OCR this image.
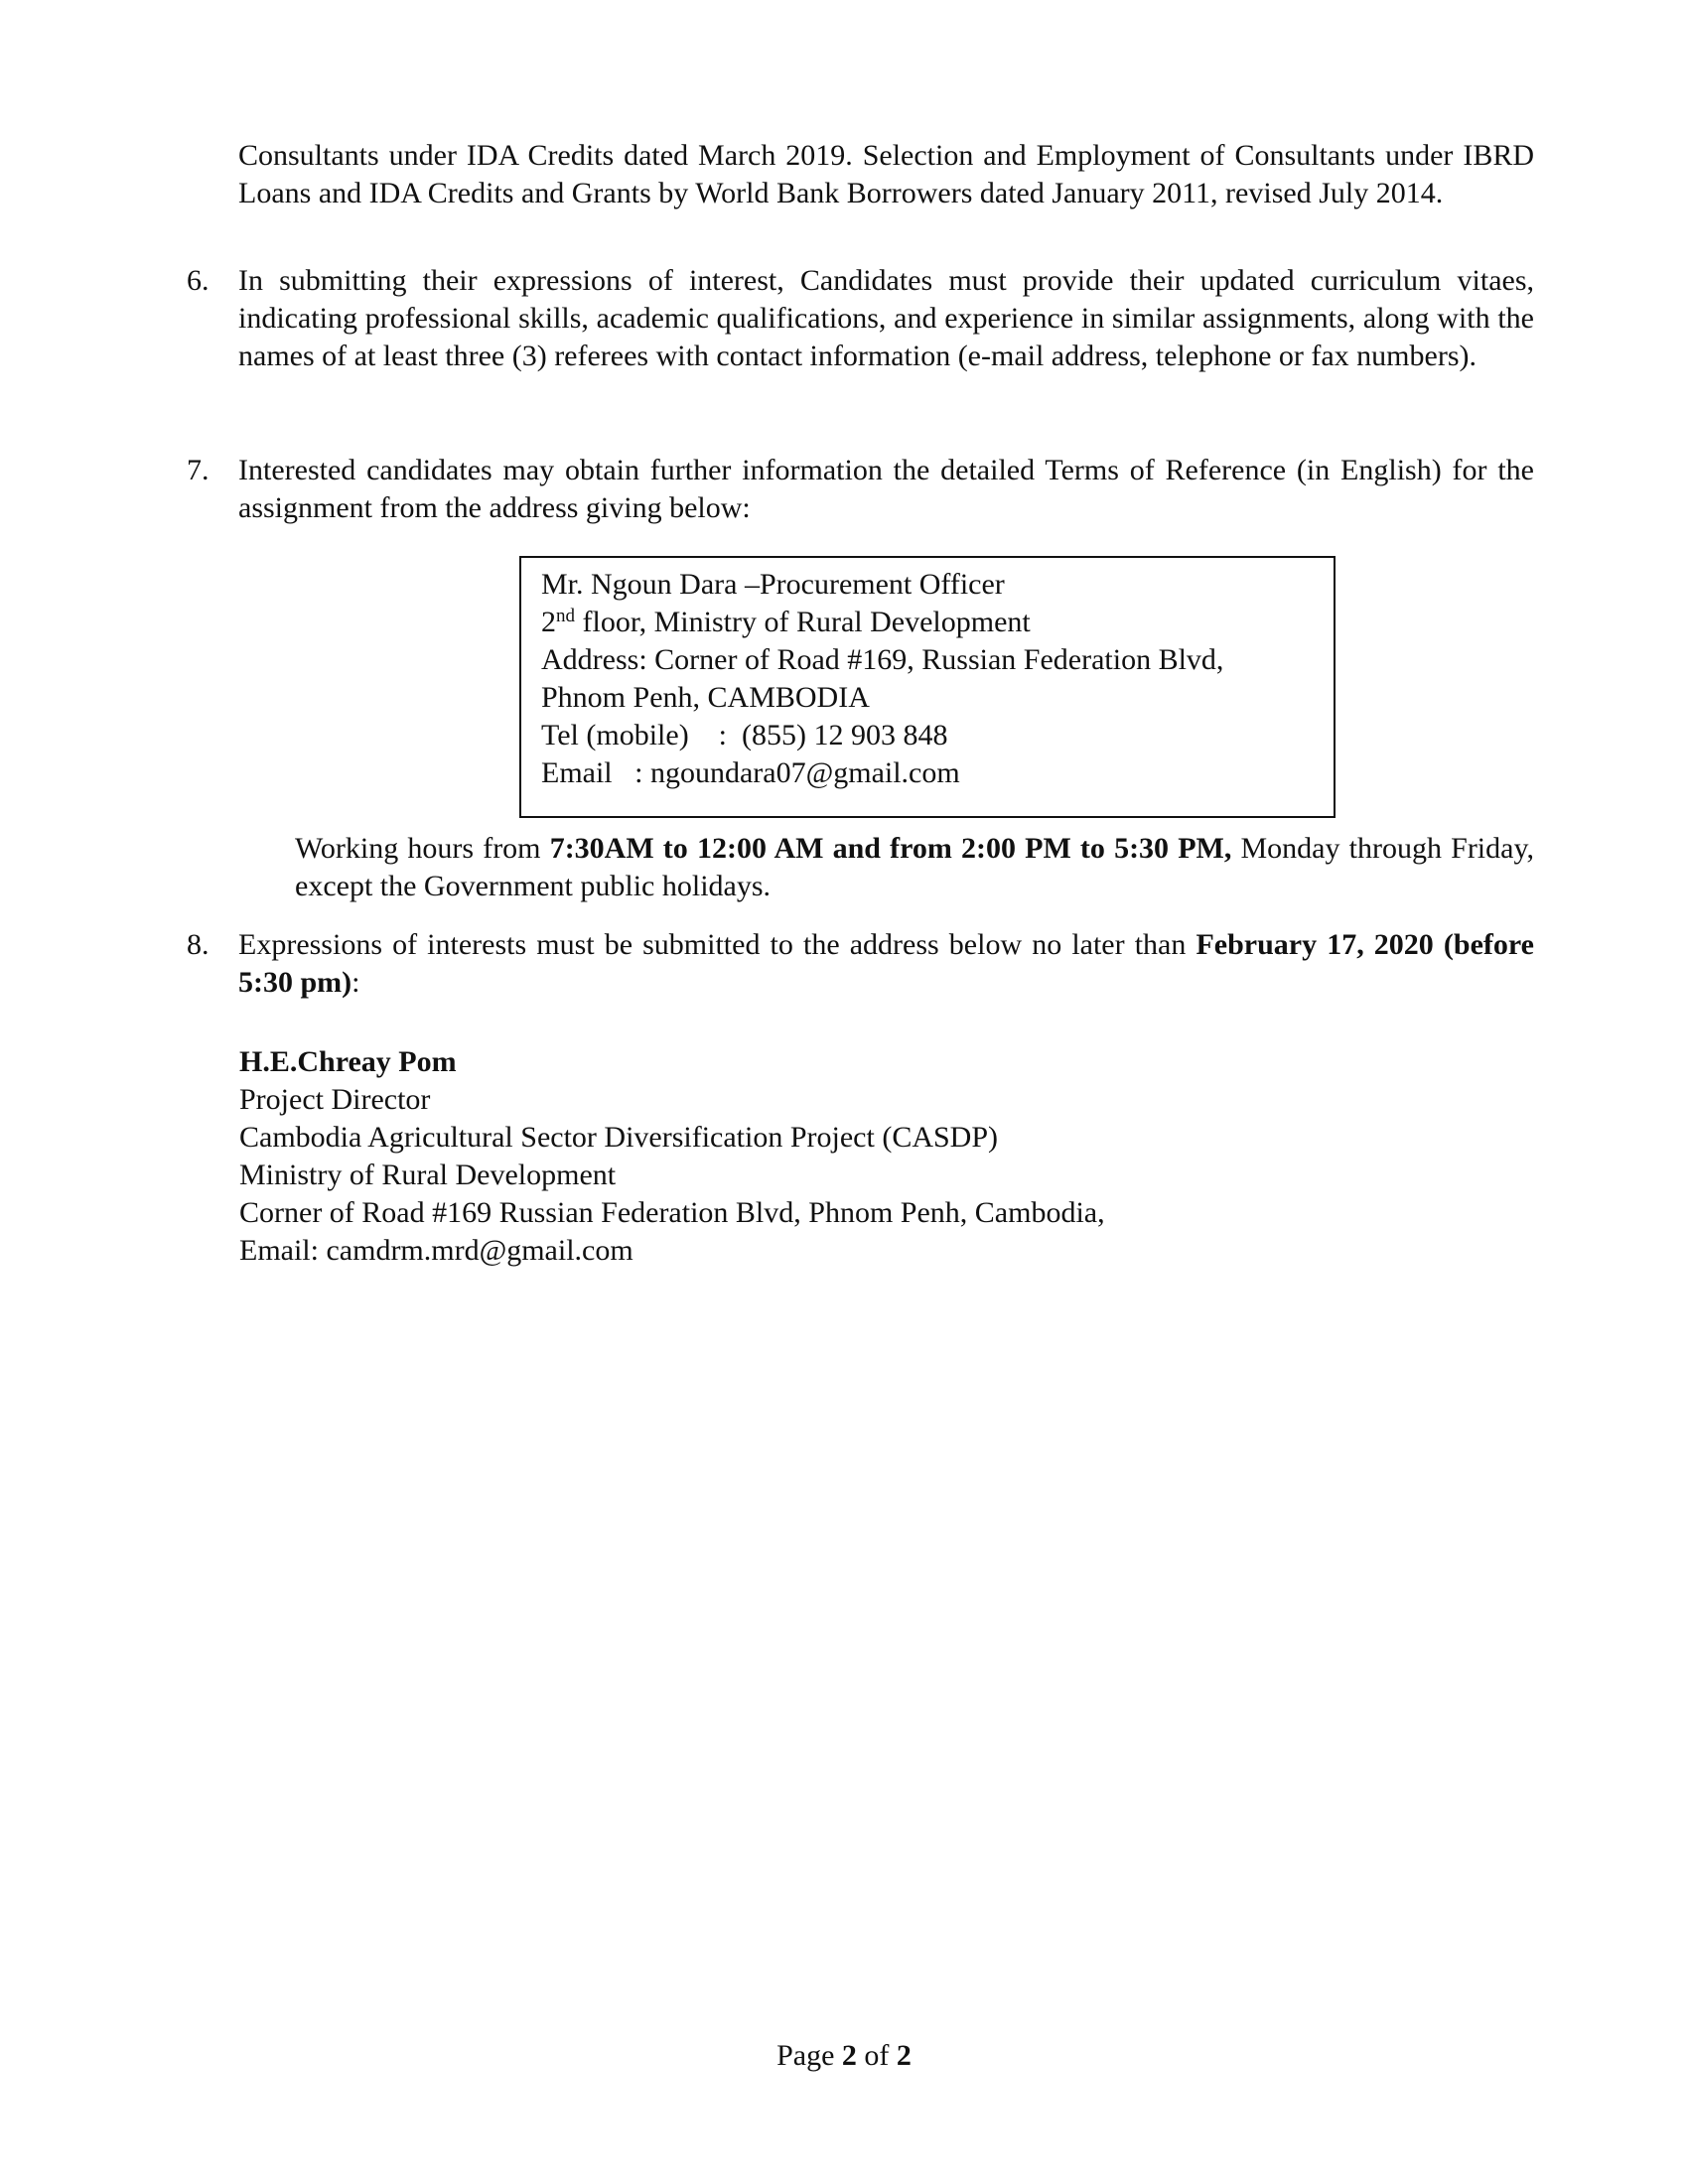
Consultants under IDA Credits dated March 2019. Selection and Employment of Consultants under IBRD Loans and IDA Credits and Grants by World Bank Borrowers dated January 2011, revised July 2014.

6. In submitting their expressions of interest, Candidates must provide their updated curriculum vitaes, indicating professional skills, academic qualifications, and experience in similar assignments, along with the names of at least three (3) referees with contact information (e-mail address, telephone or fax numbers).

7. Interested candidates may obtain further information the detailed Terms of Reference (in English) for the assignment from the address giving below:

Mr. Ngoun Dara –Procurement Officer
2nd floor, Ministry of Rural Development
Address: Corner of Road #169, Russian Federation Blvd,
Phnom Penh, CAMBODIA
Tel (mobile)    :  (855) 12 903 848
Email   : ngoundara07@gmail.com

Working hours from 7:30AM to 12:00 AM and from 2:00 PM to 5:30 PM, Monday through Friday, except the Government public holidays.

8. Expressions of interests must be submitted to the address below no later than February 17, 2020 (before 5:30 pm):

H.E.Chreay Pom
Project Director
Cambodia Agricultural Sector Diversification Project (CASDP)
Ministry of Rural Development
Corner of Road #169 Russian Federation Blvd, Phnom Penh, Cambodia,
Email: camdrm.mrd@gmail.com
Page 2 of 2
